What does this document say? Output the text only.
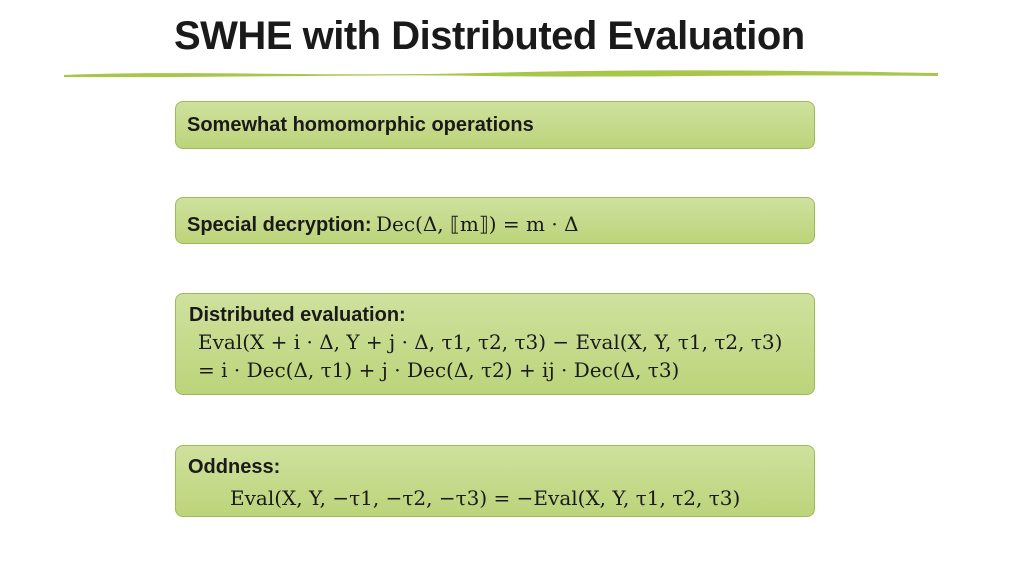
SWHE with Distributed Evaluation
Somewhat homomorphic operations
Special decryption: Dec(Δ, ⟦m⟧) = m · Δ
Distributed evaluation:
Eval(X + i · Δ, Y + j · Δ, τ1, τ2, τ3) − Eval(X, Y, τ1, τ2, τ3)
= i · Dec(Δ, τ1) + j · Dec(Δ, τ2) + ij · Dec(Δ, τ3)
Oddness:
Eval(X, Y, −τ1, −τ2, −τ3) = −Eval(X, Y, τ1, τ2, τ3)
